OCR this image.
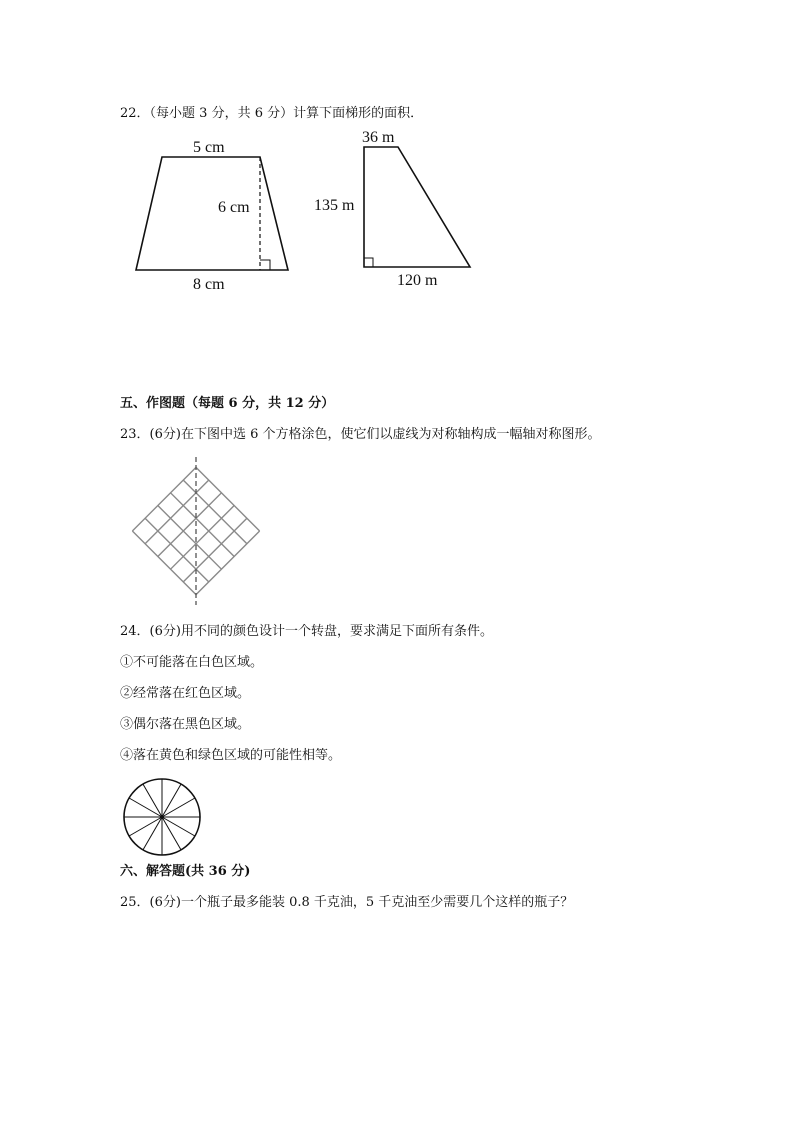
22．（每小题 3 分，共 6 分）计算下面梯形的面积．
5 cm
6 cm
8 cm
36 m
135 m
120 m
五、作图题（每题 6 分，共 12 分）
23．(6分)在下图中选 6 个方格涂色，使它们以虚线为对称轴构成一幅轴对称图形。
24．(6分)用不同的颜色设计一个转盘，要求满足下面所有条件。
①不可能落在白色区域。
②经常落在红色区域。
③偶尔落在黑色区域。
④落在黄色和绿色区域的可能性相等。
六、解答题(共 36 分)
25．(6分)一个瓶子最多能装 0.8 千克油，5 千克油至少需要几个这样的瓶子？
